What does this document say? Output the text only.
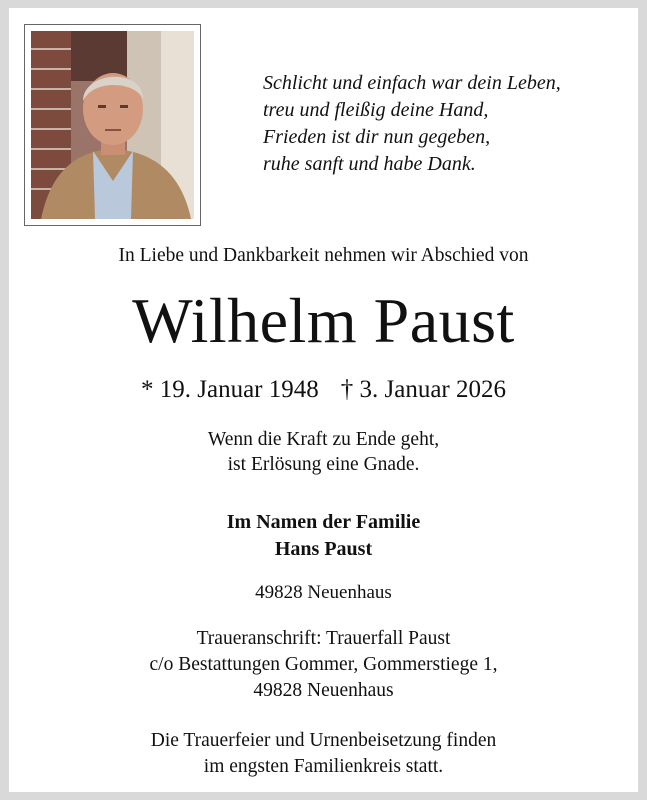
Schlicht und einfach war dein Leben,
treu und fleißig deine Hand,
Frieden ist dir nun gegeben,
ruhe sanft und habe Dank.
In Liebe und Dankbarkeit nehmen wir Abschied von
Wilhelm Paust
* 19. Januar 1948 † 3. Januar 2026
Wenn die Kraft zu Ende geht,
ist Erlösung eine Gnade.
Im Namen der Familie
Hans Paust
49828 Neuenhaus
Traueranschrift: Trauerfall Paust
c/o Bestattungen Gommer, Gommerstiege 1,
49828 Neuenhaus
Die Trauerfeier und Urnenbeisetzung finden
im engsten Familienkreis statt.
